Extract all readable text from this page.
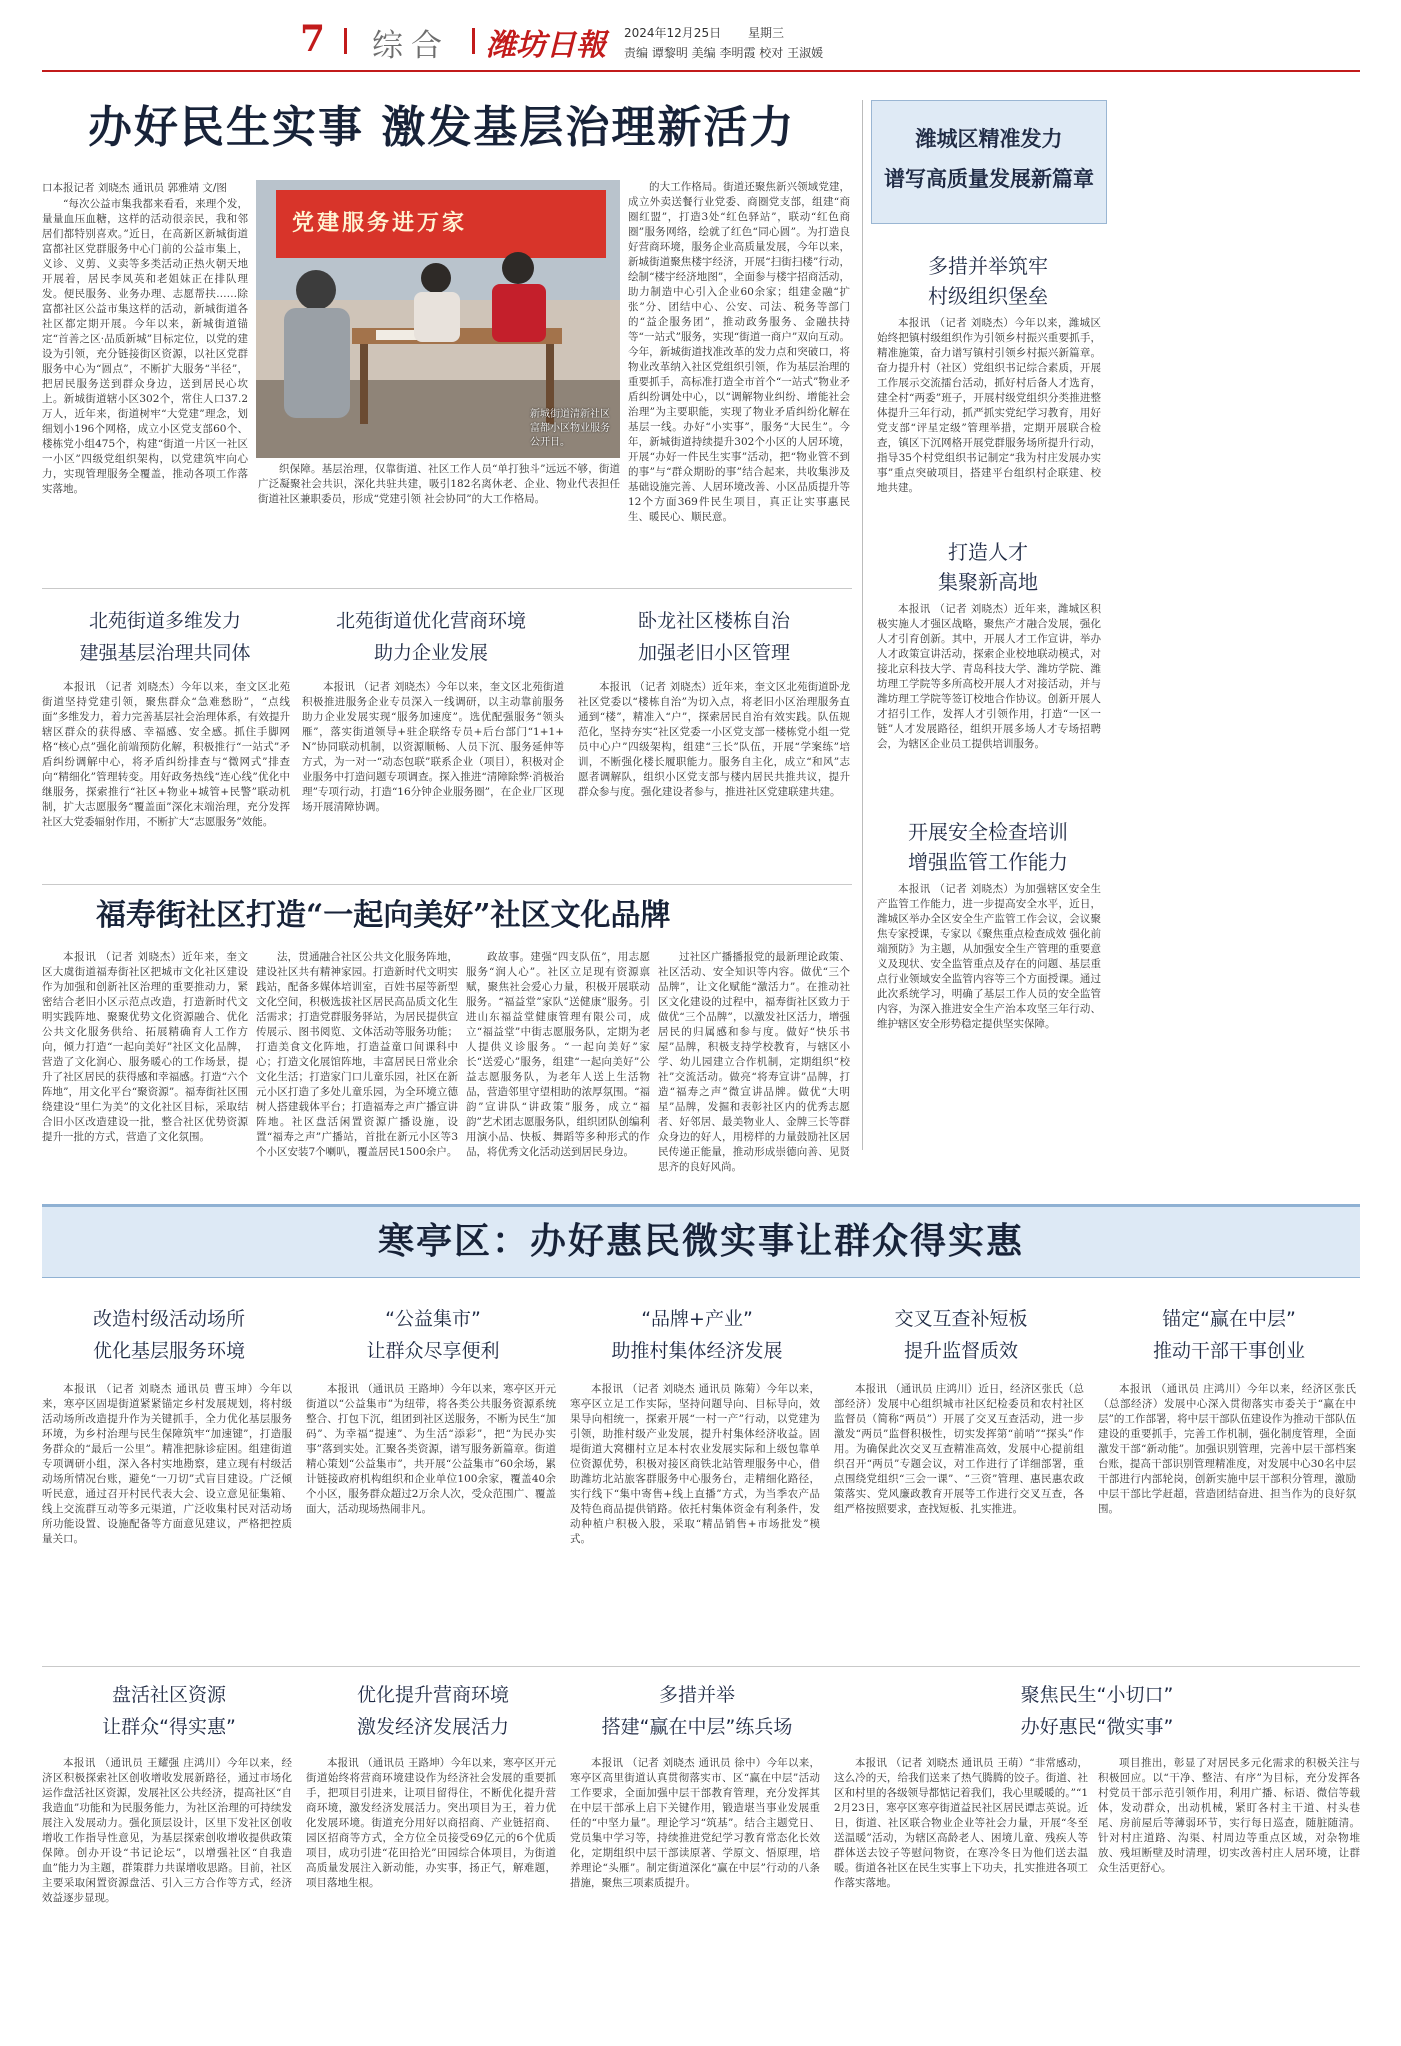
7 综合 潍坊日報 2024年12月25日 星期三
责编 谭黎明 美编 李明霞 校对 王淑媛
办好民生实事 激发基层治理新活力	潍城区精准发力
谱写高质量发展新篇章
多措并举筑牢
村级组织堡垒
本报讯 （记者 刘晓杰）今年以来，潍城区始终把镇村级组织作为引领乡村振兴重要抓手，精准施策，奋力谱写镇村引领乡村振兴新篇章。奋力提升村（社区）党组织书记综合素质，开展工作展示交流擂台活动，抓好村后备人才选育，建全村“两委”班子，开展村级党组织分类推进整体提升三年行动，抓严抓实党纪学习教育，用好党支部“评星定级”管理举措，定期开展联合检查，镇区下沉网格开展党群服务场所提升行动，指导35个村党组织书记制定“我为村庄发展办实事”重点突破项目，搭建平台组织村企联建、校地共建。
打造人才
集聚新高地
本报讯 （记者 刘晓杰）近年来，潍城区积极实施人才强区战略，聚焦产才融合发展，强化人才引育创新。其中，开展人才工作宣讲，举办人才政策宣讲活动，探索企业校地联动模式，对接北京科技大学、青岛科技大学、潍坊学院、潍坊理工学院等多所高校开展人才对接活动，并与潍坊理工学院等签订校地合作协议。创新开展人才招引工作，发挥人才引领作用，打造“一区一链”人才发展路径，组织开展多场人才专场招聘会，为辖区企业员工提供培训服务。
开展安全检查培训
增强监管工作能力
本报讯 （记者 刘晓杰）为加强辖区安全生产监管工作能力，进一步提高安全水平，近日，潍城区举办全区安全生产监管工作会议，会议聚焦专家授课，专家以《聚焦重点检查成效 强化前端预防》为主题，从加强安全生产管理的重要意义及现状、安全监管重点及存在的问题、基层重点行业领域安全监管内容等三个方面授课。通过此次系统学习，明确了基层工作人员的安全监管内容，为深入推进安全生产治本攻坚三年行动、维护辖区安全形势稳定提供坚实保障。
口本报记者 刘晓杰 通讯员 郭雅靖 文/图
“每次公益市集我都来看看，来理个发，量量血压血糖，这样的活动很亲民，我和邻居们都特别喜欢。”近日，在高新区新城街道富都社区党群服务中心门前的公益市集上，义诊、义剪、义卖等多类活动正热火朝天地开展着，居民李凤英和老姐妹正在排队理发。便民服务、业务办理、志愿帮扶……除富都社区公益市集这样的活动，新城街道各社区都定期开展。今年以来，新城街道锚定“首善之区·品质新城”目标定位，以党的建设为引领，充分链接街区资源，以社区党群服务中心为“圆点”，不断扩大服务“半径”，把居民服务送到群众身边，送到居民心坎上。新城街道辖小区302个，常住人口37.2万人，近年来，街道树牢“大党建”理念，划细划小196个网格，成立小区党支部60个、楼栋党小组475个，构建“街道一片区一社区一小区”四级党组织架构，以党建筑牢向心力，实现管理服务全覆盖，推动各项工作落实落地。
党建服务进万家
新城街道清新社区富都小区物业服务公开日。
织保障。基层治理，仅靠街道、社区工作人员“单打独斗”远远不够，街道广泛凝聚社会共识，深化共驻共建，吸引182名离休老、企业、物业代表担任街道社区兼职委员，形成“党建引领 社会协同”的大工作格局。
的大工作格局。街道还聚焦新兴领域党建，成立外卖送餐行业党委、商圈党支部，组建“商圈红盟”，打造3处“红色驿站”，联动“红色商圈”服务网络，绘就了红色“同心圆”。为打造良好营商环境，服务企业高质量发展，今年以来，新城街道聚焦楼宇经济，开展“扫街扫楼”行动，绘制“楼宇经济地图”，全面参与楼宇招商活动，助力制造中心引入企业60余家；组建金融“扩张”分、团结中心、公安、司法、税务等部门的“益企服务团”，推动政务服务、金融扶持等“一站式”服务，实现“街道一商户”双向互动。今年，新城街道找准改革的发力点和突破口，将物业改革纳入社区党组织引领，作为基层治理的重要抓手，高标准打造全市首个“一站式”物业矛盾纠纷调处中心，以“调解物业纠纷、增能社会治理”为主要职能，实现了物业矛盾纠纷化解在基层一线。办好“小实事”，服务“大民生”。今年，新城街道持续提升302个小区的人居环境，开展“办好一件民生实事”活动，把“物业管不到的事”与“群众期盼的事”结合起来，共收集涉及基础设施完善、人居环境改善、小区品质提升等12个方面369件民生项目，真正让实事惠民生、暖民心、顺民意。
北苑街道多维发力
建强基层治理共同体
本报讯 （记者 刘晓杰）今年以来，奎文区北苑街道坚持党建引领，聚焦群众“急难愁盼”，“点线面”多维发力，着力完善基层社会治理体系，有效提升辖区群众的获得感、幸福感、安全感。抓住手脚网格“核心点”强化前端预防化解，积极推行“一站式”矛盾纠纷调解中心，将矛盾纠纷排查与“微网式”排查向“精细化”管理转变。用好政务热线“连心线”优化中继服务，探索推行“社区+物业+城管+民警”联动机制，扩大志愿服务“覆盖面”深化末端治理，充分发挥社区大党委辐射作用，不断扩大“志愿服务”效能。
北苑街道优化营商环境
助力企业发展
本报讯 （记者 刘晓杰）今年以来，奎文区北苑街道积极推进服务企业专员深入一线调研，以主动靠前服务助力企业发展实现“服务加速度”。选优配强服务“领头雁”，落实街道领导+驻企联络专员+后台部门“1+1+N”协同联动机制，以资源顺畅、人员下沉、服务延伸等方式，为一对一“动态包联”联系企业（项目），积极对企业服务中打造问题专项调查。探入推进“清障除弊·消极治理”专项行动，打造“16分钟企业服务圈”，在企业厂区现场开展清障协调。
卧龙社区楼栋自治
加强老旧小区管理
本报讯 （记者 刘晓杰）近年来，奎文区北苑街道卧龙社区党委以“楼栋自治”为切入点，将老旧小区治理服务直通到“楼”，精准入“户”，探索居民自治有效实践。队伍规范化，坚持夯实“社区党委一小区党支部一楼栋党小组一党员中心户”四级架构，组建“三长”队伍，开展“学案练”培训，不断强化楼长履职能力。服务自主化，成立“和风”志愿者调解队，组织小区党支部与楼内居民共推共议，提升群众参与度。强化建设者参与，推进社区党建联建共建。
福寿街社区打造“一起向美好”社区文化品牌
本报讯 （记者 刘晓杰）近年来，奎文区大虞街道福寿街社区把城市文化社区建设作为加强和创新社区治理的重要推动力，紧密结合老旧小区示范点改造，打造新时代文明实践阵地、聚聚优势文化资源融合、优化公共文化服务供给、拓展精确育人工作方向，倾力打造“一起向美好”社区文化品牌，营造了文化润心、服务暖心的工作场景，提升了社区居民的获得感和幸福感。打造“六个阵地”，用文化平台“聚资源”。福寿街社区围绕建设“里仁为美”的文化社区目标，采取结合旧小区改造建设一批，整合社区优势资源提升一批的方式，营造了文化氛围。
法，贯通融合社区公共文化服务阵地，建设社区共有精神家园。打造新时代文明实践站，配备多媒体培训室，百姓书屋等新型文化空间，积极选拔社区居民高品质文化生活需求；打造党群服务驿站，为居民提供宣传展示、图书阅览、文体活动等服务功能；打造美食文化阵地，打造益童口间课科中心；打造文化展馆阵地，丰富居民日常业余文化生活；打造家门口儿童乐园，社区在新元小区打造了多处儿童乐园，为全环境立德树人搭建载体平台；打造福寿之声广播宣讲阵地。社区盘活闲置资源广播设施，设置“福寿之声”广播站，首批在新元小区等3个小区安装7个喇叭，覆盖居民1500余户。
政故事。建强“四支队伍”，用志愿服务“润人心”。社区立足现有资源禀赋，聚焦社会爱心力量，积极开展联动服务。“福益堂”家队“送健康”服务。引进山东福益堂健康管理有限公司，成立“福益堂”中街志愿服务队，定期为老人提供义诊服务。“一起向美好”家长“送爱心”服务，组建“一起向美好”公益志愿服务队，为老年人送上生活物品，营造邻里守望相助的浓厚氛围。“福韵”宣讲队“讲政策”服务，成立“福韵”艺术团志愿服务队，组织团队创编利用演小品、快板、舞蹈等多种形式的作品，将优秀文化活动送到居民身边。
过社区广播播报党的最新理论政策、社区活动、安全知识等内容。做优“三个品牌”，让文化赋能“激活力”。在推动社区文化建设的过程中，福寿街社区致力于做优“三个品牌”，以激发社区活力，增强居民的归属感和参与度。做好“快乐书屋”品牌，积极支持学校教育，与辖区小学、幼儿园建立合作机制，定期组织“校社”交流活动。做亮“将寿宣讲”品牌，打造“福寿之声”微宣讲品牌。做优“大明星”品牌，发掘和表彰社区内的优秀志愿者、好邻居、最美物业人、金牌三长等群众身边的好人，用榜样的力量鼓励社区居民传递正能量，推动形成崇德向善、见贤思齐的良好风尚。
寒亭区：办好惠民微实事让群众得实惠
改造村级活动场所
优化基层服务环境
本报讯 （记者 刘晓杰 通讯员 曹玉坤）今年以来，寒亭区固堤街道紧紧锚定乡村发展规划，将村级活动场所改造提升作为关键抓手，全力优化基层服务环境，为乡村治理与民生保障筑牢“加速键”，打造服务群众的“最后一公里”。精准把脉诊症困。组建街道专项调研小组，深入各村实地勘察，建立现有村级活动场所情况台账，避免“一刀切”式盲目建设。广泛倾听民意，通过召开村民代表大会、设立意见征集箱、线上交流群互动等多元渠道，广泛收集村民对活动场所功能设置、设施配备等方面意见建议，严格把控质量关口。
“公益集市”
让群众尽享便利
本报讯 （通讯员 王路坤）今年以来，寒亭区开元街道以“公益集市”为纽带，将各类公共服务资源系统整合、打包下沉，组团到社区送服务，不断为民生“加码”、为幸福“提速”、为生活“添彩”，把“为民办实事”落到实处。汇聚各类资源，谱写服务新篇章。街道精心策划“公益集市”，共开展“公益集市”60余场，累计链接政府机构组织和企业单位100余家，覆盖40余个小区，服务群众超过2万余人次，受众范围广、覆盖面大，活动现场热闹非凡。
“品牌+产业”
助推村集体经济发展
本报讯 （记者 刘晓杰 通讯员 陈菊）今年以来，寒亭区立足工作实际，坚持问题导向、目标导向，效果导向相统一，探索开展“一村一产”行动，以党建为引领，助推村级产业发展，提升村集体经济收益。固堤街道大窝棚村立足本村农业发展实际和上级包靠单位资源优势，积极对接区商铁北站管理服务中心，借助潍坊北站旅客群服务中心服务台，走精细化路径，实行线下“集中寄售+线上直播”方式，为当季农产品及特色商品提供销路。依托村集体资金有利条件，发动种植户积极入股，采取“精品销售+市场批发”模式。
交叉互查补短板
提升监督质效
本报讯 （通讯员 庄鸿川）近日，经济区张氏（总部经济）发展中心组织城市社区纪检委员和农村社区监督员（简称“两员”）开展了交叉互查活动，进一步激发“两员”监督积极性，切实发挥第“前哨”“探头”作用。为确保此次交叉互查精准高效，发展中心提前组织召开“两员”专题会议，对工作进行了详细部署，重点围绕党组织“三会一课”、“三资”管理、惠民惠农政策落实、党风廉政教育开展等工作进行交叉互查，各组严格按照要求，查找短板、扎实推进。
锚定“赢在中层”
推动干部干事创业
本报讯 （通讯员 庄鸿川）今年以来，经济区张氏（总部经济）发展中心深入贯彻落实市委关于“赢在中层”的工作部署，将中层干部队伍建设作为推动干部队伍建设的重要抓手，完善工作机制，强化制度管理，全面激发干部“新动能”。加强识别管理，完善中层干部档案台账，提高干部识别管理精准度，对发展中心30名中层干部进行内部轮岗，创新实施中层干部积分管理，激励中层干部比学赶超，营造团结奋进、担当作为的良好氛围。
盘活社区资源
让群众“得实惠”
本报讯 （通讯员 王耀强 庄鸿川）今年以来，经济区积极探索社区创收增收发展新路径，通过市场化运作盘活社区资源，发展社区公共经济，提高社区“自我造血”功能和为民服务能力，为社区治理的可持续发展注入发展动力。强化顶层设计，区里下发社区创收增收工作指导性意见，为基层探索创收增收提供政策保障。创办开设“书记论坛”，以增强社区“自我造血”能力为主题，群策群力共谋增收思路。目前，社区主要采取闲置资源盘活、引入三方合作等方式，经济效益逐步显现。
优化提升营商环境
激发经济发展活力
本报讯 （通讯员 王路坤）今年以来，寒亭区开元街道始终将营商环境建设作为经济社会发展的重要抓手，把项目引进来，让项目留得住，不断优化提升营商环境，激发经济发展活力。突出项目为王，着力优化发展环境。街道充分用好以商招商、产业链招商、园区招商等方式，全方位全员接受69亿元的6个优质项目，成功引进“花田拾光”田园综合体项目，为街道高质量发展注入新动能，办实事，扬正气，解难题，项目落地生根。
多措并举
搭建“赢在中层”练兵场
本报讯 （记者 刘晓杰 通讯员 徐中）今年以来，寒亭区高里街道认真贯彻落实市、区“赢在中层”活动工作要求，全面加强中层干部教育管理，充分发挥其在中层干部承上启下关键作用，锻造堪当事业发展重任的“中坚力量”。理论学习“筑基”。结合主题党日、党员集中学习等，持续推进党纪学习教育常态化长效化，定期组织中层干部读原著、学原文、悟原理，培养理论“头雁”。制定街道深化“赢在中层”行动的八条措施，聚焦三项素质提升。
聚焦民生“小切口”
办好惠民“微实事”
本报讯 （记者 刘晓杰 通讯员 王萌）“非常感动，这么冷的天，给我们送来了热气腾腾的饺子。街道、社区和村里的各级领导都惦记着我们，我心里暖暖的。”“12月23日，寒亭区寒亭街道益民社区居民谭志英说。近日，街道、社区联合物业企业等社会力量，开展“冬至送温暖”活动，为辖区高龄老人、困境儿童、残疾人等群体送去饺子等慰问物资，在寒冷冬日为他们送去温暖。街道各社区在民生实事上下功夫，扎实推进各项工作落实落地。
项目推出，彰显了对居民多元化需求的积极关注与积极回应。以“干净、整洁、有序”为目标，充分发挥各村党员干部示范引领作用，利用广播、标语、微信等载体，发动群众，出动机械，紧盯各村主干道、村头巷尾、房前屋后等薄弱环节，实行每日巡查，随脏随清。针对村庄道路、沟渠、村周边等重点区域，对杂物堆放、残垣断壁及时清理，切实改善村庄人居环境，让群众生活更舒心。
